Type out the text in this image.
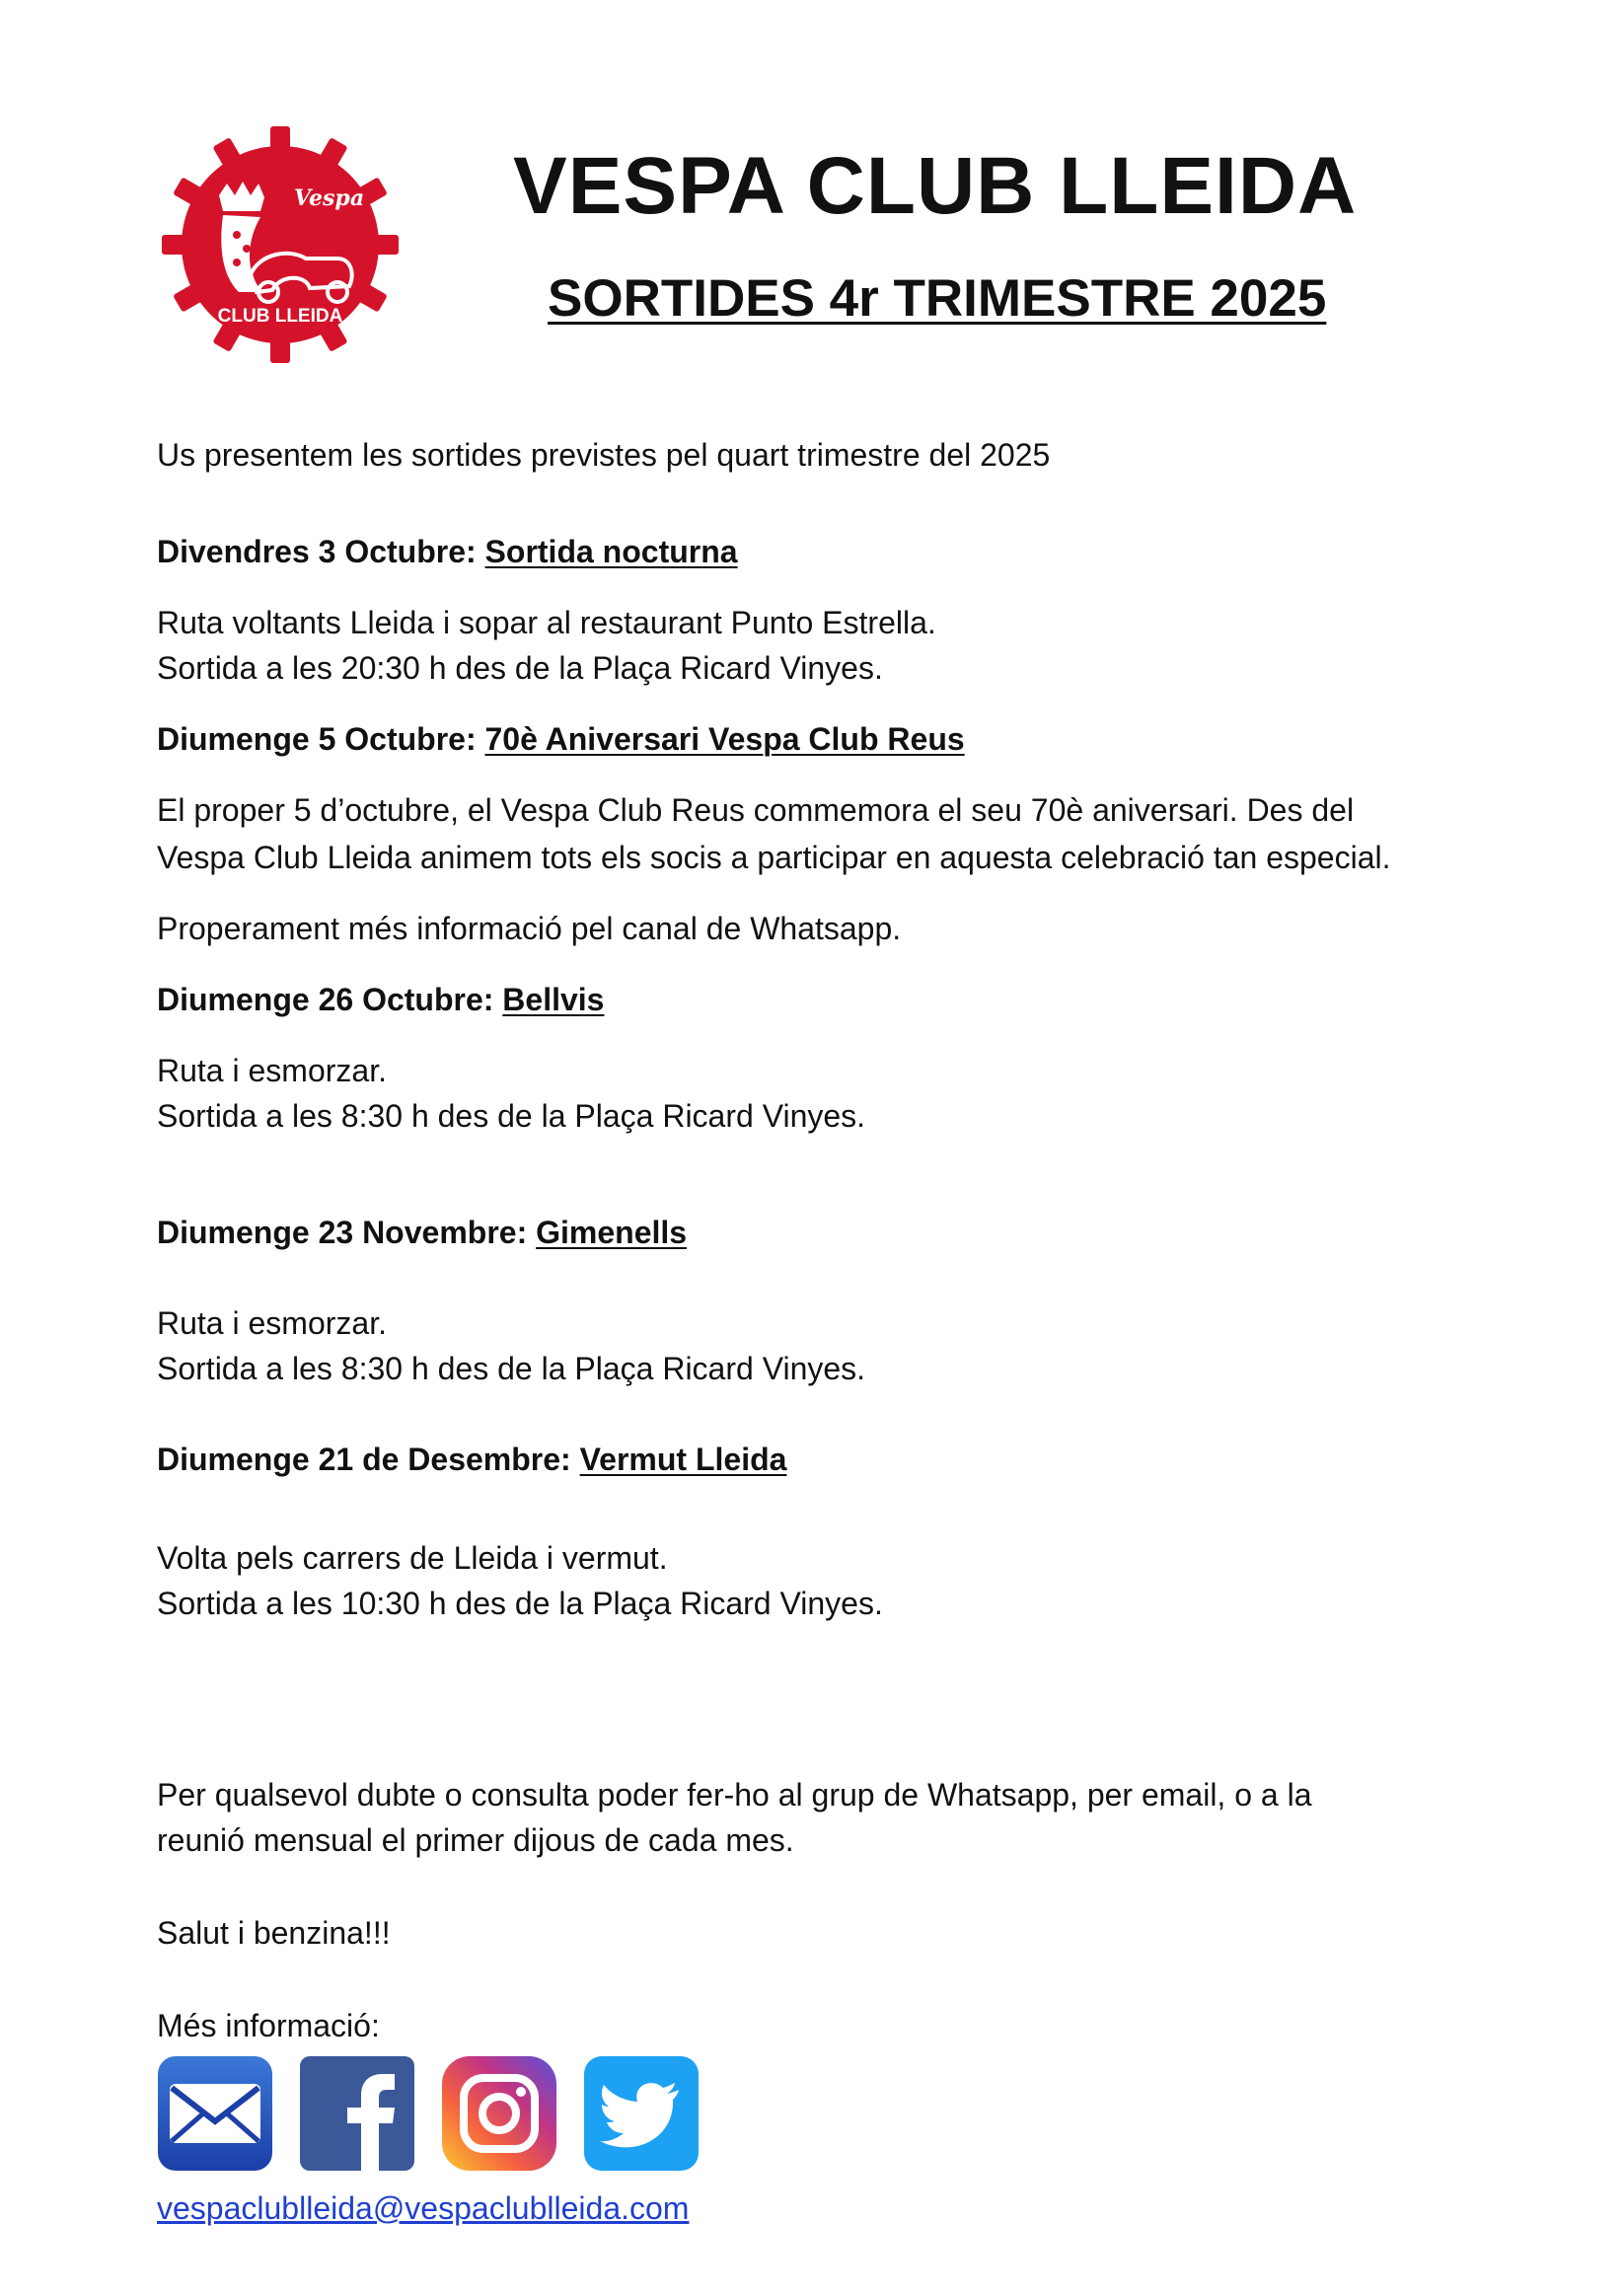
Vespa
CLUB LLEIDA
VESPA CLUB LLEIDA
SORTIDES 4r TRIMESTRE 2025
Us presentem les sortides previstes pel quart trimestre del 2025
Divendres 3 Octubre: Sortida nocturna
Ruta voltants Lleida i sopar al restaurant Punto Estrella.
Sortida a les 20:30 h des de la Plaça Ricard Vinyes.
Diumenge 5 Octubre: 70è Aniversari Vespa Club Reus
El proper 5 d’octubre, el Vespa Club Reus commemora el seu 70è aniversari. Des del
Vespa Club Lleida animem tots els socis a participar en aquesta celebració tan especial.
Properament més informació pel canal de Whatsapp.
Diumenge 26 Octubre: Bellvis
Ruta i esmorzar.
Sortida a les 8:30 h des de la Plaça Ricard Vinyes.
Diumenge 23 Novembre: Gimenells
Ruta i esmorzar.
Sortida a les 8:30 h des de la Plaça Ricard Vinyes.
Diumenge 21 de Desembre: Vermut Lleida
Volta pels carrers de Lleida i vermut.
Sortida a les 10:30 h des de la Plaça Ricard Vinyes.
Per qualsevol dubte o consulta poder fer-ho al grup de Whatsapp, per email, o a la
reunió mensual el primer dijous de cada mes.
Salut i benzina!!!
Més informació:
vespaclublleida@vespaclublleida.com
